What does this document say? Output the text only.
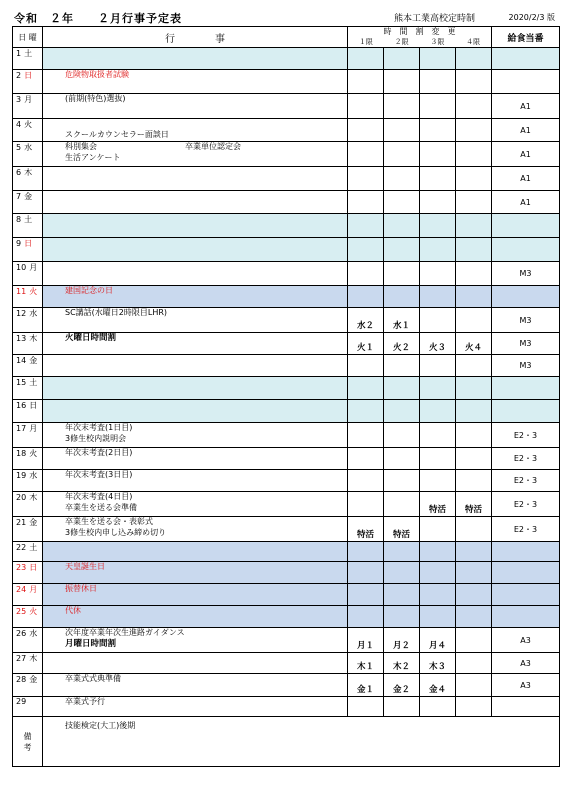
令和　２年　　２月行事予定表	熊本工業高校定時制	2020/2/3 版
日 曜	行　　　　事	時　間　割　変　更
１限 ２限 ３限 ４限				給食当番
1 土						
2 日	危険物取扱者試験					

3 月	(前期(特色)選抜)					A1
4 火	スクールカウンセラー面談日					A1
5 水	科別集会　　　　　　　　　　　卒業単位認定会
生活アンケート					A1
6 木						A1
7 金						A1
8 土						
9 日						
10 月						M3
11 火	建国記念の日					

12 水	SC講話(水曜日2時限目LHR)	水２	水１			M3
13 木	火曜日時間割	火１	火２	火３	火４	M3
14 金						M3
15 土						
16 日						
17 月	年次末考査(1日目)
3修生校内説明会					E2・3
18 火	年次末考査(2日目)					E2・3
19 水	年次末考査(3日目)					E2・3
20 木	年次末考査(4日目)
卒業生を送る会準備			特活	特活	E2・3
21 金	卒業生を送る会・表彰式
3修生校内申し込み締め切り	特活	特活			E2・3
22 土						
23 日	天皇誕生日					

24 月	振替休日					

25 火	代休					

26 水	次年度卒業年次生進路ガイダンス
月曜日時間割	月１	月２	月４		A3
27 木		木１	木２	木３		A3
28 金	卒業式式典準備	金１	金２	金４		A3
29	卒業式予行					

備
考	技能検定(大工)後期					
